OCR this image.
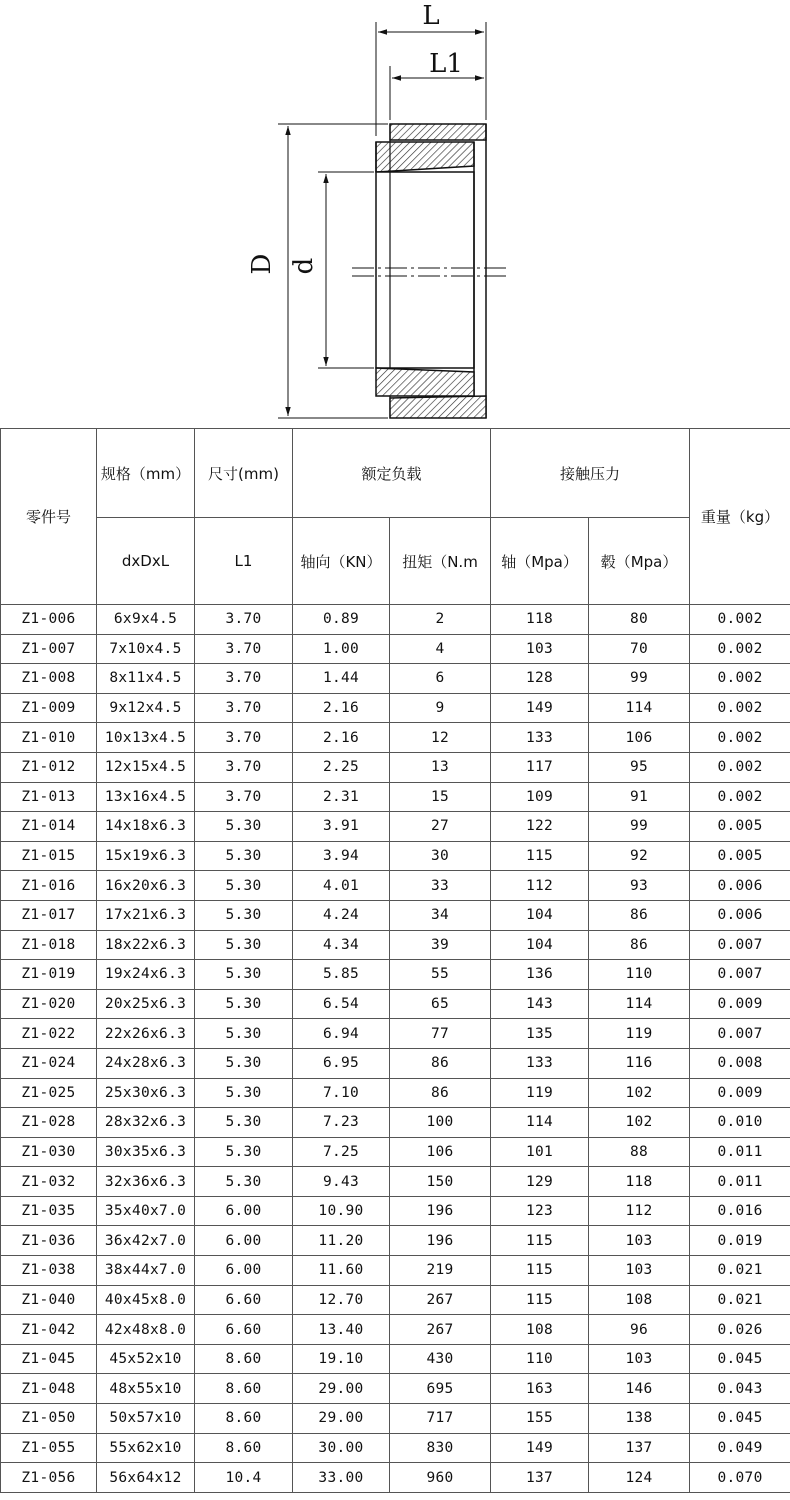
L
L1
D d
零件号	规格（mm）	尺寸(mm)	额定负载		接触压力		重量（kg）
	dxDxL	L1	轴向（KN）	扭矩（N.m	轴（Mpa）	毂（Mpa）	
Z1-006	6x9x4.5	3.70	0.89	2	118	80	0.002
Z1-007	7x10x4.5	3.70	1.00	4	103	70	0.002
Z1-008	8x11x4.5	3.70	1.44	6	128	99	0.002
Z1-009	9x12x4.5	3.70	2.16	9	149	114	0.002
Z1-010	10x13x4.5	3.70	2.16	12	133	106	0.002
Z1-012	12x15x4.5	3.70	2.25	13	117	95	0.002
Z1-013	13x16x4.5	3.70	2.31	15	109	91	0.002
Z1-014	14x18x6.3	5.30	3.91	27	122	99	0.005
Z1-015	15x19x6.3	5.30	3.94	30	115	92	0.005
Z1-016	16x20x6.3	5.30	4.01	33	112	93	0.006
Z1-017	17x21x6.3	5.30	4.24	34	104	86	0.006
Z1-018	18x22x6.3	5.30	4.34	39	104	86	0.007
Z1-019	19x24x6.3	5.30	5.85	55	136	110	0.007
Z1-020	20x25x6.3	5.30	6.54	65	143	114	0.009
Z1-022	22x26x6.3	5.30	6.94	77	135	119	0.007
Z1-024	24x28x6.3	5.30	6.95	86	133	116	0.008
Z1-025	25x30x6.3	5.30	7.10	86	119	102	0.009
Z1-028	28x32x6.3	5.30	7.23	100	114	102	0.010
Z1-030	30x35x6.3	5.30	7.25	106	101	88	0.011
Z1-032	32x36x6.3	5.30	9.43	150	129	118	0.011
Z1-035	35x40x7.0	6.00	10.90	196	123	112	0.016
Z1-036	36x42x7.0	6.00	11.20	196	115	103	0.019
Z1-038	38x44x7.0	6.00	11.60	219	115	103	0.021
Z1-040	40x45x8.0	6.60	12.70	267	115	108	0.021
Z1-042	42x48x8.0	6.60	13.40	267	108	96	0.026
Z1-045	45x52x10	8.60	19.10	430	110	103	0.045
Z1-048	48x55x10	8.60	29.00	695	163	146	0.043
Z1-050	50x57x10	8.60	29.00	717	155	138	0.045
Z1-055	55x62x10	8.60	30.00	830	149	137	0.049
Z1-056	56x64x12	10.4	33.00	960	137	124	0.070
